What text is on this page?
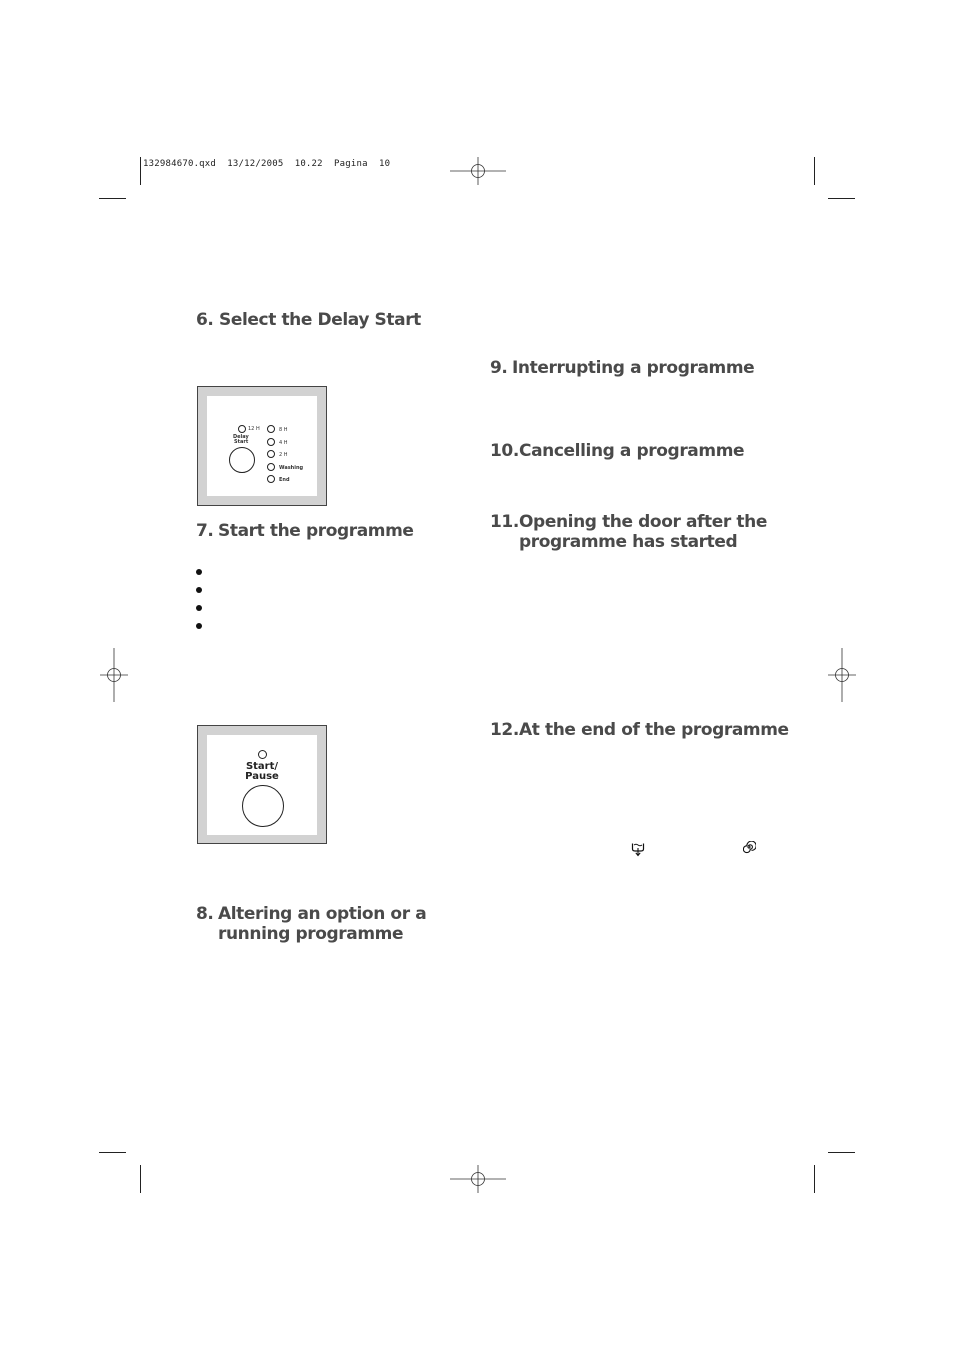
132984670.qxd  13/12/2005  10.22  Pagina  10
6. Select the Delay Start
12 H
Delay
Start
8 H
4 H
2 H
Washing
End
7. Start the programme
Start/
Pause
8. Altering an option or a
running programme
9. Interrupting a programme
10.Cancelling a programme
11.Opening the door after the
programme has started
12.At the end of the programme
